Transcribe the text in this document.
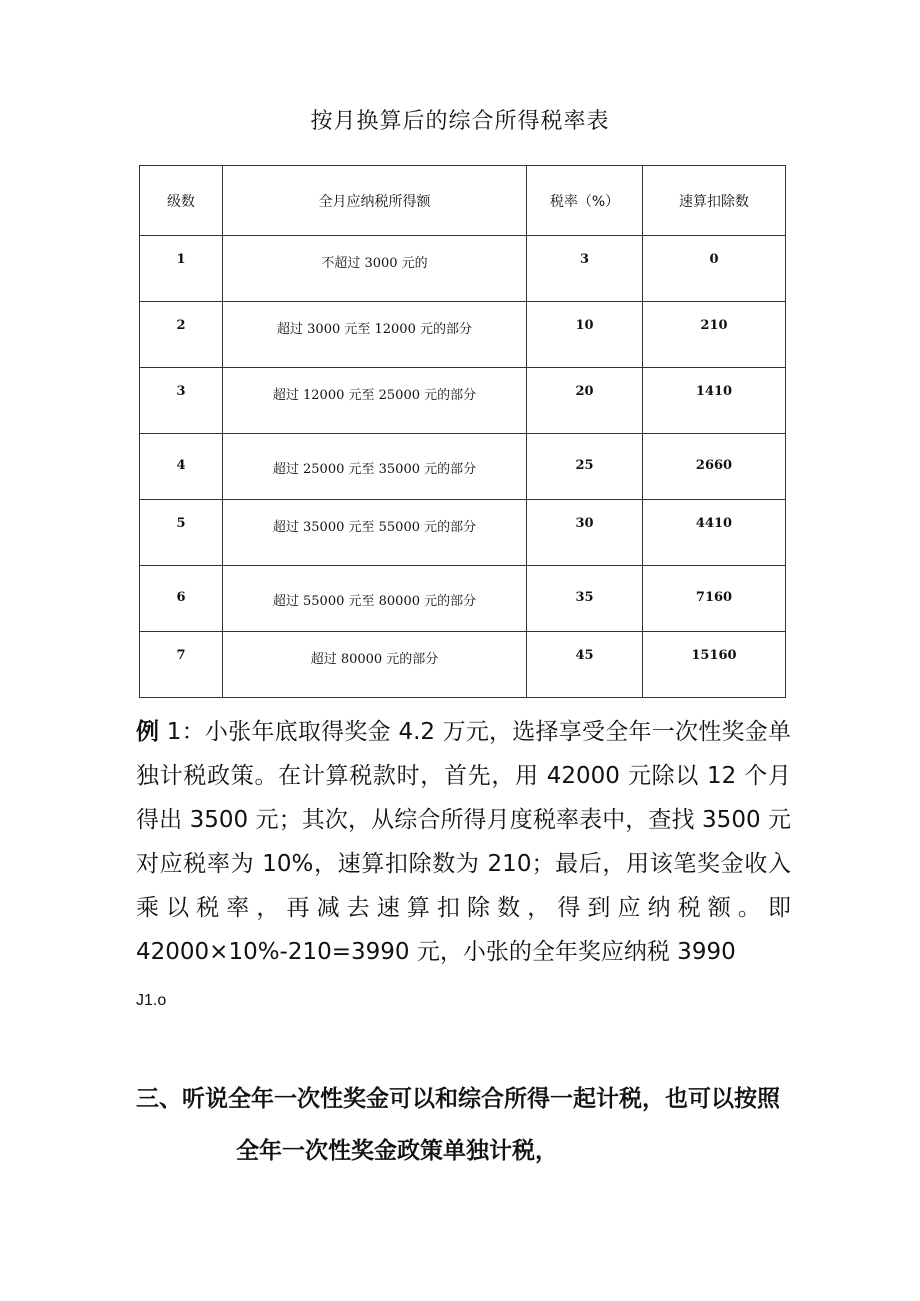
按月换算后的综合所得税率表
级数	全月应纳税所得额	税率（%）	速算扣除数
1	不超过 3000 元的	3	0
2	超过 3000 元至 12000 元的部分	10	210
3	超过 12000 元至 25000 元的部分	20	1410
4	超过 25000 元至 35000 元的部分	25	2660
5	超过 35000 元至 55000 元的部分	30	4410
6	超过 55000 元至 80000 元的部分	35	7160
7	超过 80000 元的部分	45	15160
例 1：小张年底取得奖金 4.2 万元，选择享受全年一次性奖金单独计税政策。在计算税款时，首先，用 42000 元除以 12 个月得出 3500 元；其次，从综合所得月度税率表中，查找 3500 元对应税率为 10%，速算扣除数为 210；最后，用该笔奖金收入乘以税率，再减去速算扣除数，得到应纳税额。即 42000×10%-210=3990 元，小张的全年奖应纳税 3990
J1.o
三、听说全年一次性奖金可以和综合所得一起计税，也可以按照
全年一次性奖金政策单独计税，
